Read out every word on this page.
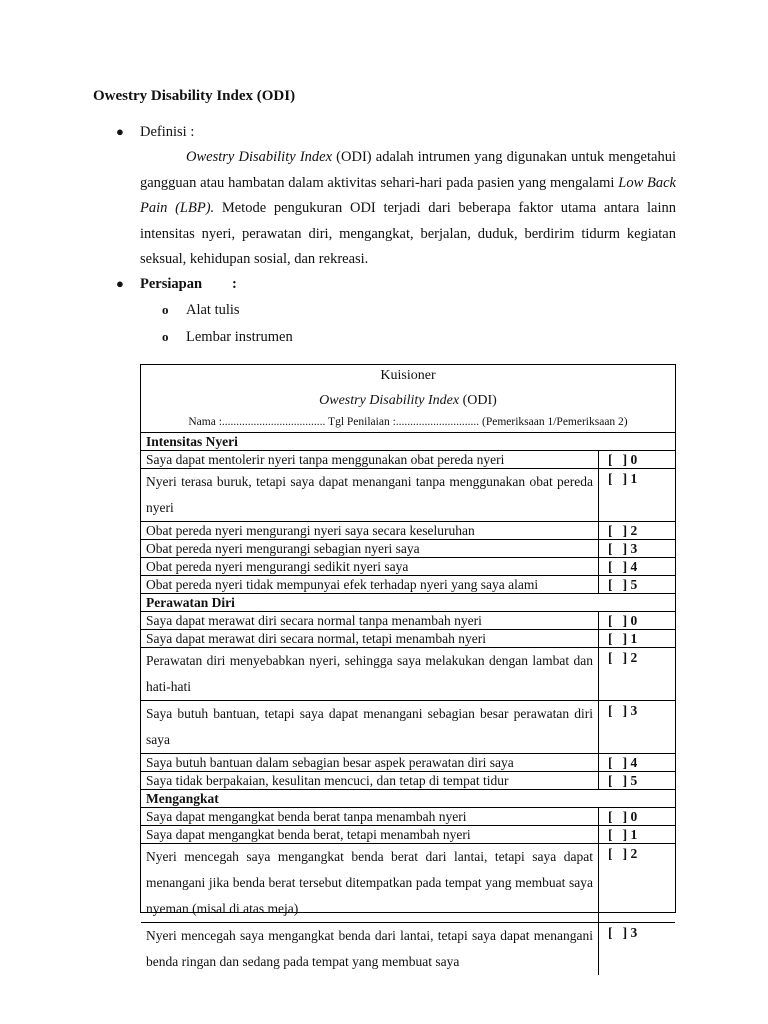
Owestry Disability Index (ODI)
● Definisi :
Owestry Disability Index (ODI) adalah intrumen yang digunakan untuk mengetahui gangguan atau hambatan dalam aktivitas sehari-hari pada pasien yang mengalami Low Back Pain (LBP). Metode pengukuran ODI terjadi dari beberapa faktor utama antara lainn intensitas nyeri, perawatan diri, mengangkat, berjalan, duduk, berdirim tidurm kegiatan seksual, kehidupan sosial, dan rekreasi.
● Persiapan :
o Alat tulis
o Lembar instrumen
Kuisioner
Owestry Disability Index (ODI)
Nama :.................................... Tgl Penilaian :............................. (Pemeriksaan 1/Pemeriksaan 2)
Intensitas Nyeri	
Saya dapat mentolerir nyeri tanpa menggunakan obat pereda nyeri	[   ] 0
Nyeri terasa buruk, tetapi saya dapat menangani tanpa menggunakan obat pereda nyeri	[   ] 1
Obat pereda nyeri mengurangi nyeri saya secara keseluruhan	[   ] 2
Obat pereda nyeri mengurangi sebagian nyeri saya	[   ] 3
Obat pereda nyeri mengurangi sedikit nyeri saya	[   ] 4
Obat pereda nyeri tidak mempunyai efek terhadap nyeri yang saya alami	[   ] 5
Perawatan Diri	
Saya dapat merawat diri secara normal tanpa menambah nyeri	[   ] 0
Saya dapat merawat diri secara normal, tetapi menambah nyeri	[   ] 1
Perawatan diri menyebabkan nyeri, sehingga saya melakukan dengan lambat dan hati-hati	[   ] 2
Saya butuh bantuan, tetapi saya dapat menangani sebagian besar perawatan diri saya	[   ] 3
Saya butuh bantuan dalam sebagian besar aspek perawatan diri saya	[   ] 4
Saya tidak berpakaian, kesulitan mencuci, dan tetap di tempat tidur	[   ] 5
Mengangkat	
Saya dapat mengangkat benda berat tanpa menambah nyeri	[   ] 0
Saya dapat mengangkat benda berat, tetapi menambah nyeri	[   ] 1
Nyeri mencegah saya mengangkat benda berat dari lantai, tetapi saya dapat menangani jika benda berat tersebut ditempatkan pada tempat yang membuat saya nyeman (misal di atas meja)	[   ] 2
Nyeri mencegah saya mengangkat benda dari lantai, tetapi saya dapat menangani benda ringan dan sedang pada tempat yang membuat saya	[   ] 3
